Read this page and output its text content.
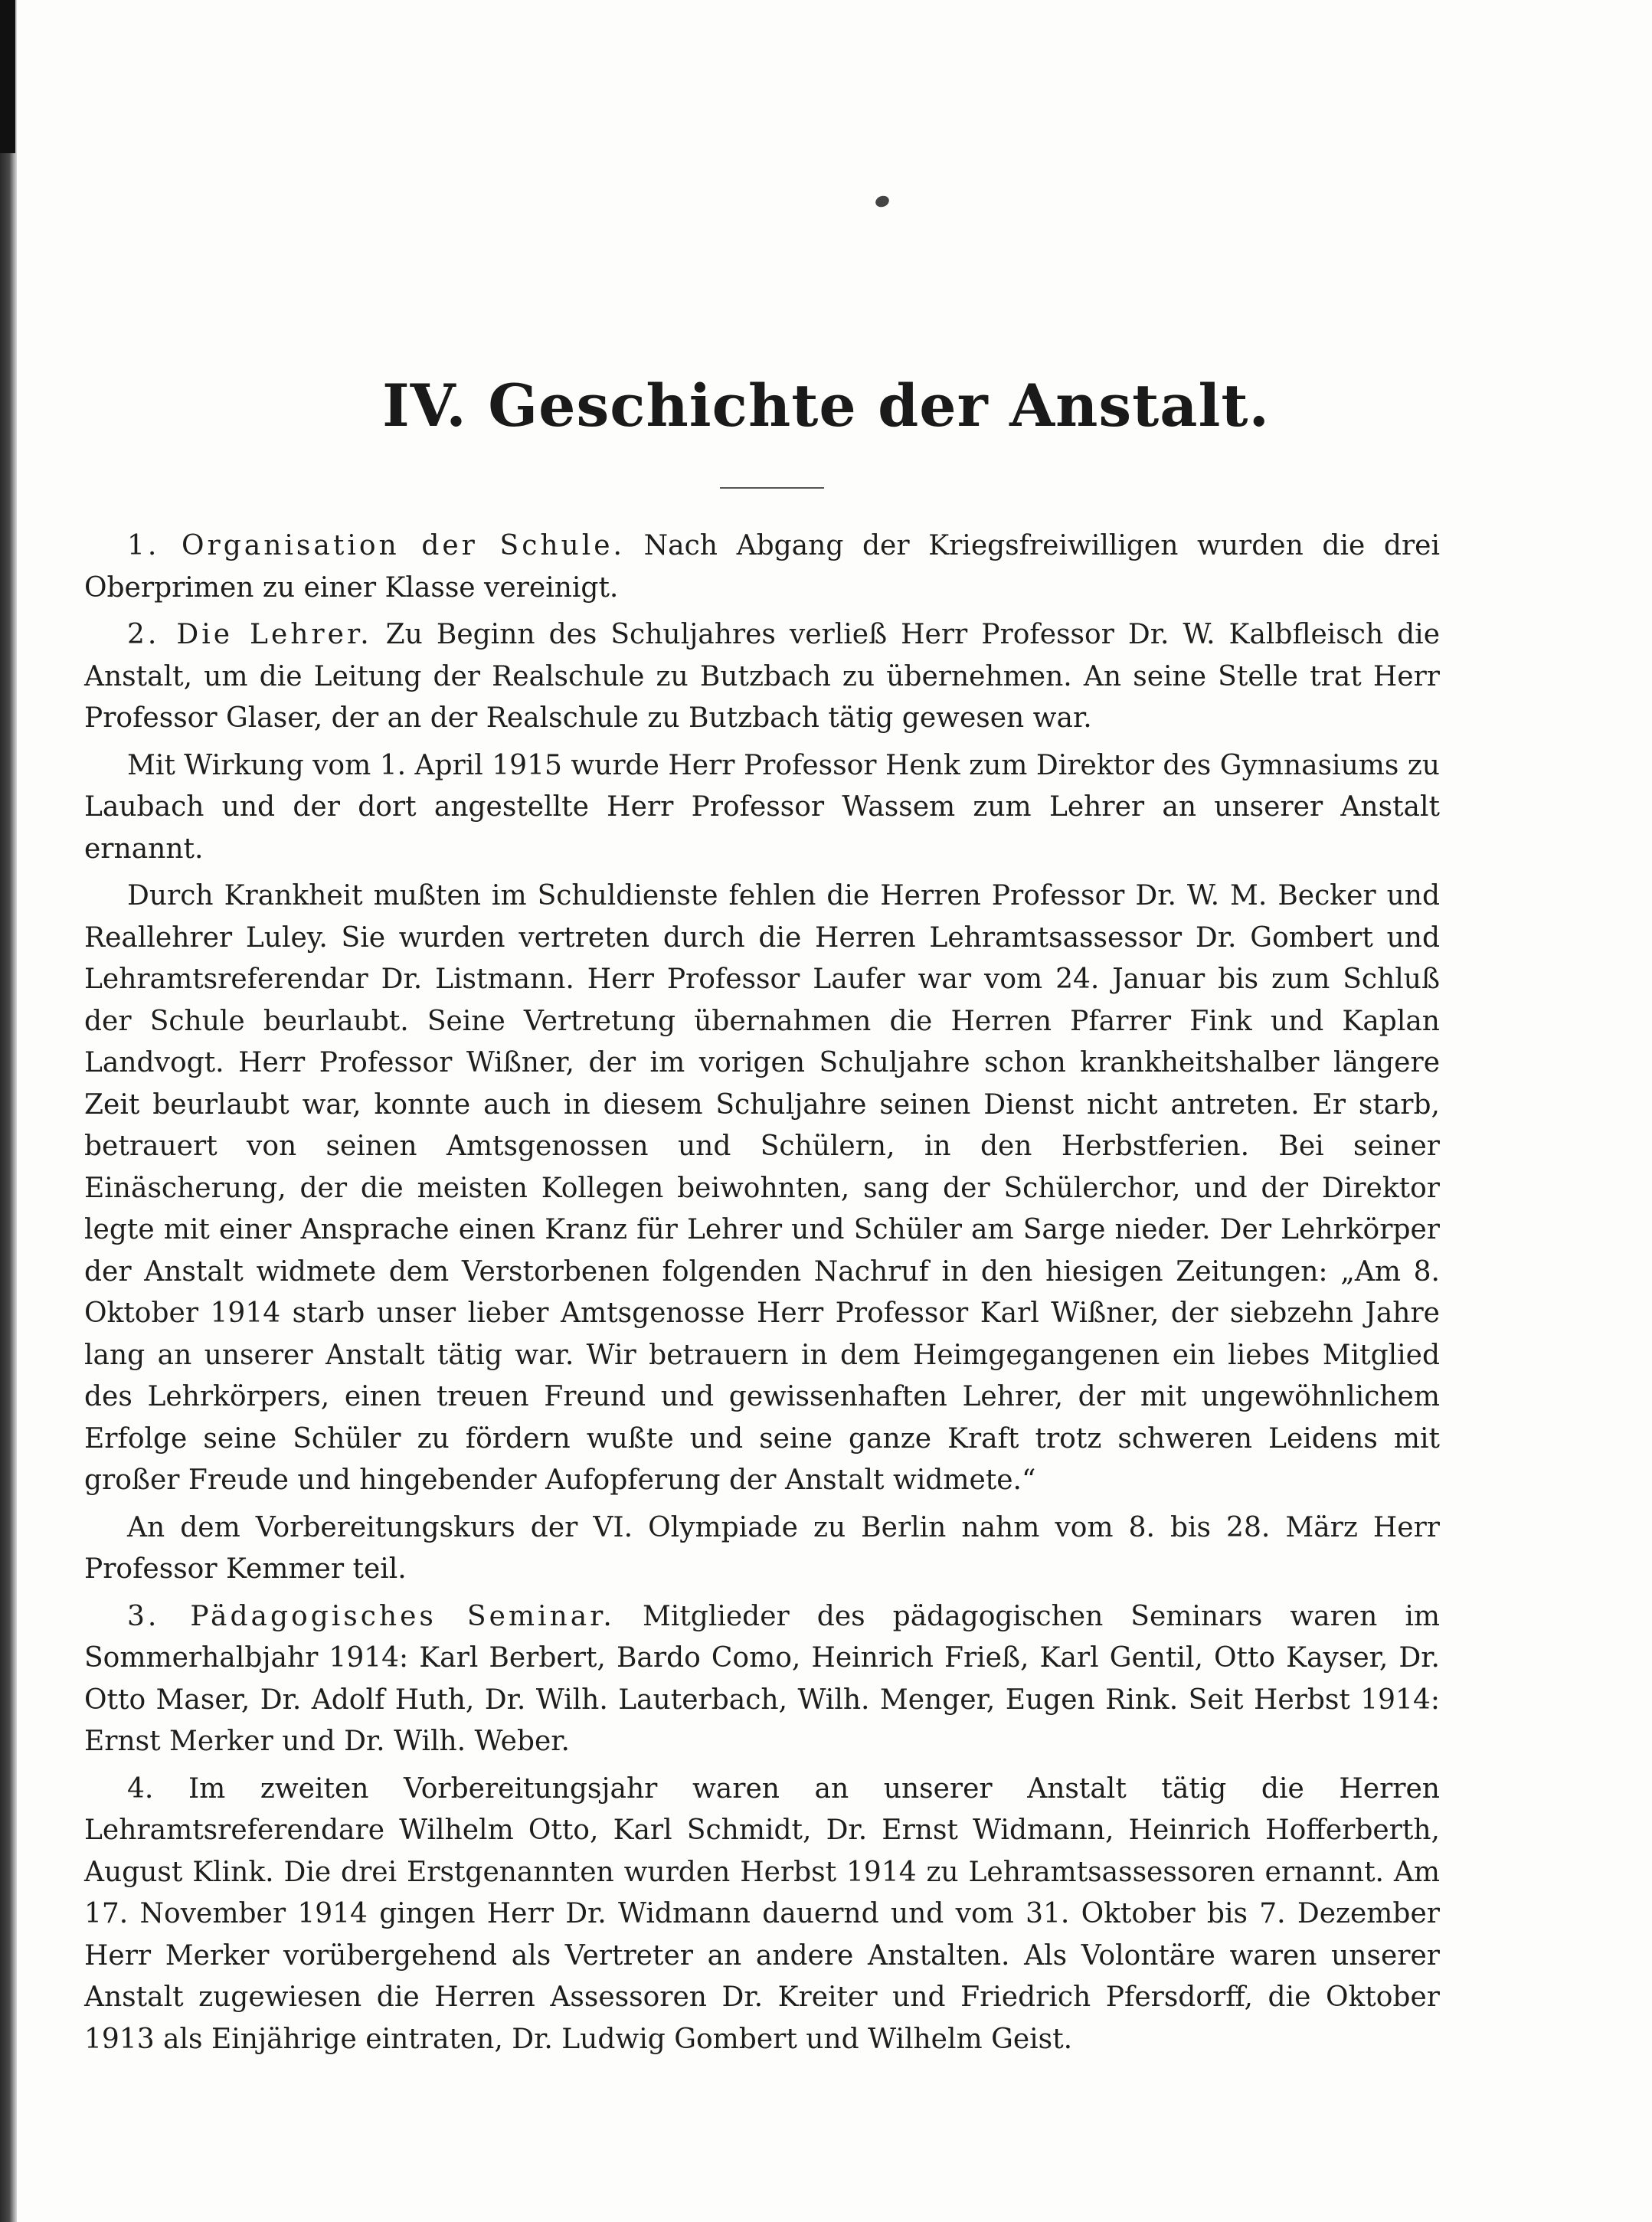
IV. Geschichte der Anstalt.

1. Organisation der Schule. Nach Abgang der Kriegsfreiwilligen wurden die drei Oberprimen zu einer Klasse vereinigt.

2. Die Lehrer. Zu Beginn des Schuljahres verließ Herr Professor Dr. W. Kalbfleisch die Anstalt, um die Leitung der Realschule zu Butzbach zu übernehmen. An seine Stelle trat Herr Professor Glaser, der an der Realschule zu Butzbach tätig gewesen war.

Mit Wirkung vom 1. April 1915 wurde Herr Professor Henk zum Direktor des Gymnasiums zu Laubach und der dort angestellte Herr Professor Wassem zum Lehrer an unserer Anstalt ernannt.

Durch Krankheit mußten im Schuldienste fehlen die Herren Professor Dr. W. M. Becker und Reallehrer Luley. Sie wurden vertreten durch die Herren Lehramtsassessor Dr. Gombert und Lehramtsreferendar Dr. Listmann. Herr Professor Laufer war vom 24. Januar bis zum Schluß der Schule beurlaubt. Seine Vertretung übernahmen die Herren Pfarrer Fink und Kaplan Landvogt. Herr Professor Wißner, der im vorigen Schuljahre schon krankheitshalber längere Zeit beurlaubt war, konnte auch in diesem Schuljahre seinen Dienst nicht antreten. Er starb, betrauert von seinen Amtsgenossen und Schülern, in den Herbstferien. Bei seiner Einäscherung, der die meisten Kollegen beiwohnten, sang der Schülerchor, und der Direktor legte mit einer Ansprache einen Kranz für Lehrer und Schüler am Sarge nieder. Der Lehrkörper der Anstalt widmete dem Verstorbenen folgenden Nachruf in den hiesigen Zeitungen: „Am 8. Oktober 1914 starb unser lieber Amtsgenosse Herr Professor Karl Wißner, der siebzehn Jahre lang an unserer Anstalt tätig war. Wir betrauern in dem Heimgegangenen ein liebes Mitglied des Lehrkörpers, einen treuen Freund und gewissenhaften Lehrer, der mit ungewöhnlichem Erfolge seine Schüler zu fördern wußte und seine ganze Kraft trotz schweren Leidens mit großer Freude und hingebender Aufopferung der Anstalt widmete.“

An dem Vorbereitungskurs der VI. Olympiade zu Berlin nahm vom 8. bis 28. März Herr Professor Kemmer teil.

3. Pädagogisches Seminar. Mitglieder des pädagogischen Seminars waren im Sommerhalbjahr 1914: Karl Berbert, Bardo Como, Heinrich Frieß, Karl Gentil, Otto Kayser, Dr. Otto Maser, Dr. Adolf Huth, Dr. Wilh. Lauterbach, Wilh. Menger, Eugen Rink. Seit Herbst 1914: Ernst Merker und Dr. Wilh. Weber.

4. Im zweiten Vorbereitungsjahr waren an unserer Anstalt tätig die Herren Lehramtsreferendare Wilhelm Otto, Karl Schmidt, Dr. Ernst Widmann, Heinrich Hofferberth, August Klink. Die drei Erstgenannten wurden Herbst 1914 zu Lehramtsassessoren ernannt. Am 17. November 1914 gingen Herr Dr. Widmann dauernd und vom 31. Oktober bis 7. Dezember Herr Merker vorübergehend als Vertreter an andere Anstalten. Als Volontäre waren unserer Anstalt zugewiesen die Herren Assessoren Dr. Kreiter und Friedrich Pfersdorff, die Oktober 1913 als Einjährige eintraten, Dr. Ludwig Gombert und Wilhelm Geist.
